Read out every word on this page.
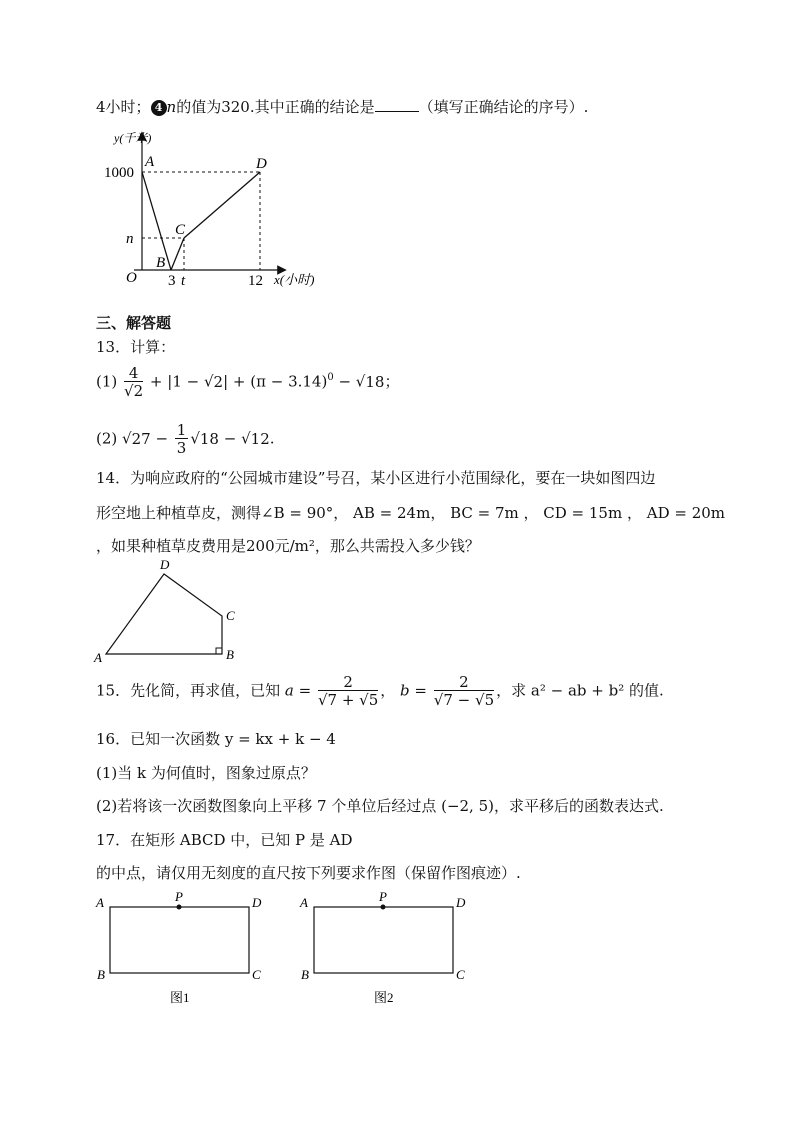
4小时； 4 n的值为320.其中正确的结论是	（填写正确结论的序号）.
y(千米)
x(小时)
O
1000
n
3 t	12
A
B
C
D
三、解答题
13．计算：
$(1) \frac{4}{√2} + |1 - √2| + (\pi - 3.14)^0 - √18$；
(2) $√27 - \frac{1}{3} √18 - √12$.
14．为响应政府的“公园城市建设”号召，某小区进行小范围绿化，要在一块如图四边
形空地上种植草皮，测得∠B = 90°， AB = 24m， BC = 7m ， CD = 15m ， AD = 20m
，如果种植草皮费用是200元/m²，那么共需投入多少钱？
A	B
C
D
15．先化简，再求值，已知 $a = \frac{2}{√7 + √5}$ ， $b = \frac{2}{√7 - √5}$ ，求 a² − ab + b² 的值.
16．已知一次函数 y = kx + k − 4
(1)当 k 为何值时，图象过原点？
(2)若将该一次函数图象向上平移 7 个单位后经过点 (−2, 5)，求平移后的函数表达式.
17．在矩形 ABCD 中，已知 P 是 AD
的中点，请仅用无刻度的直尺按下列要求作图（保留作图痕迹）.
A	P	D
B	C
图1
A	P	D
B	C
图2
